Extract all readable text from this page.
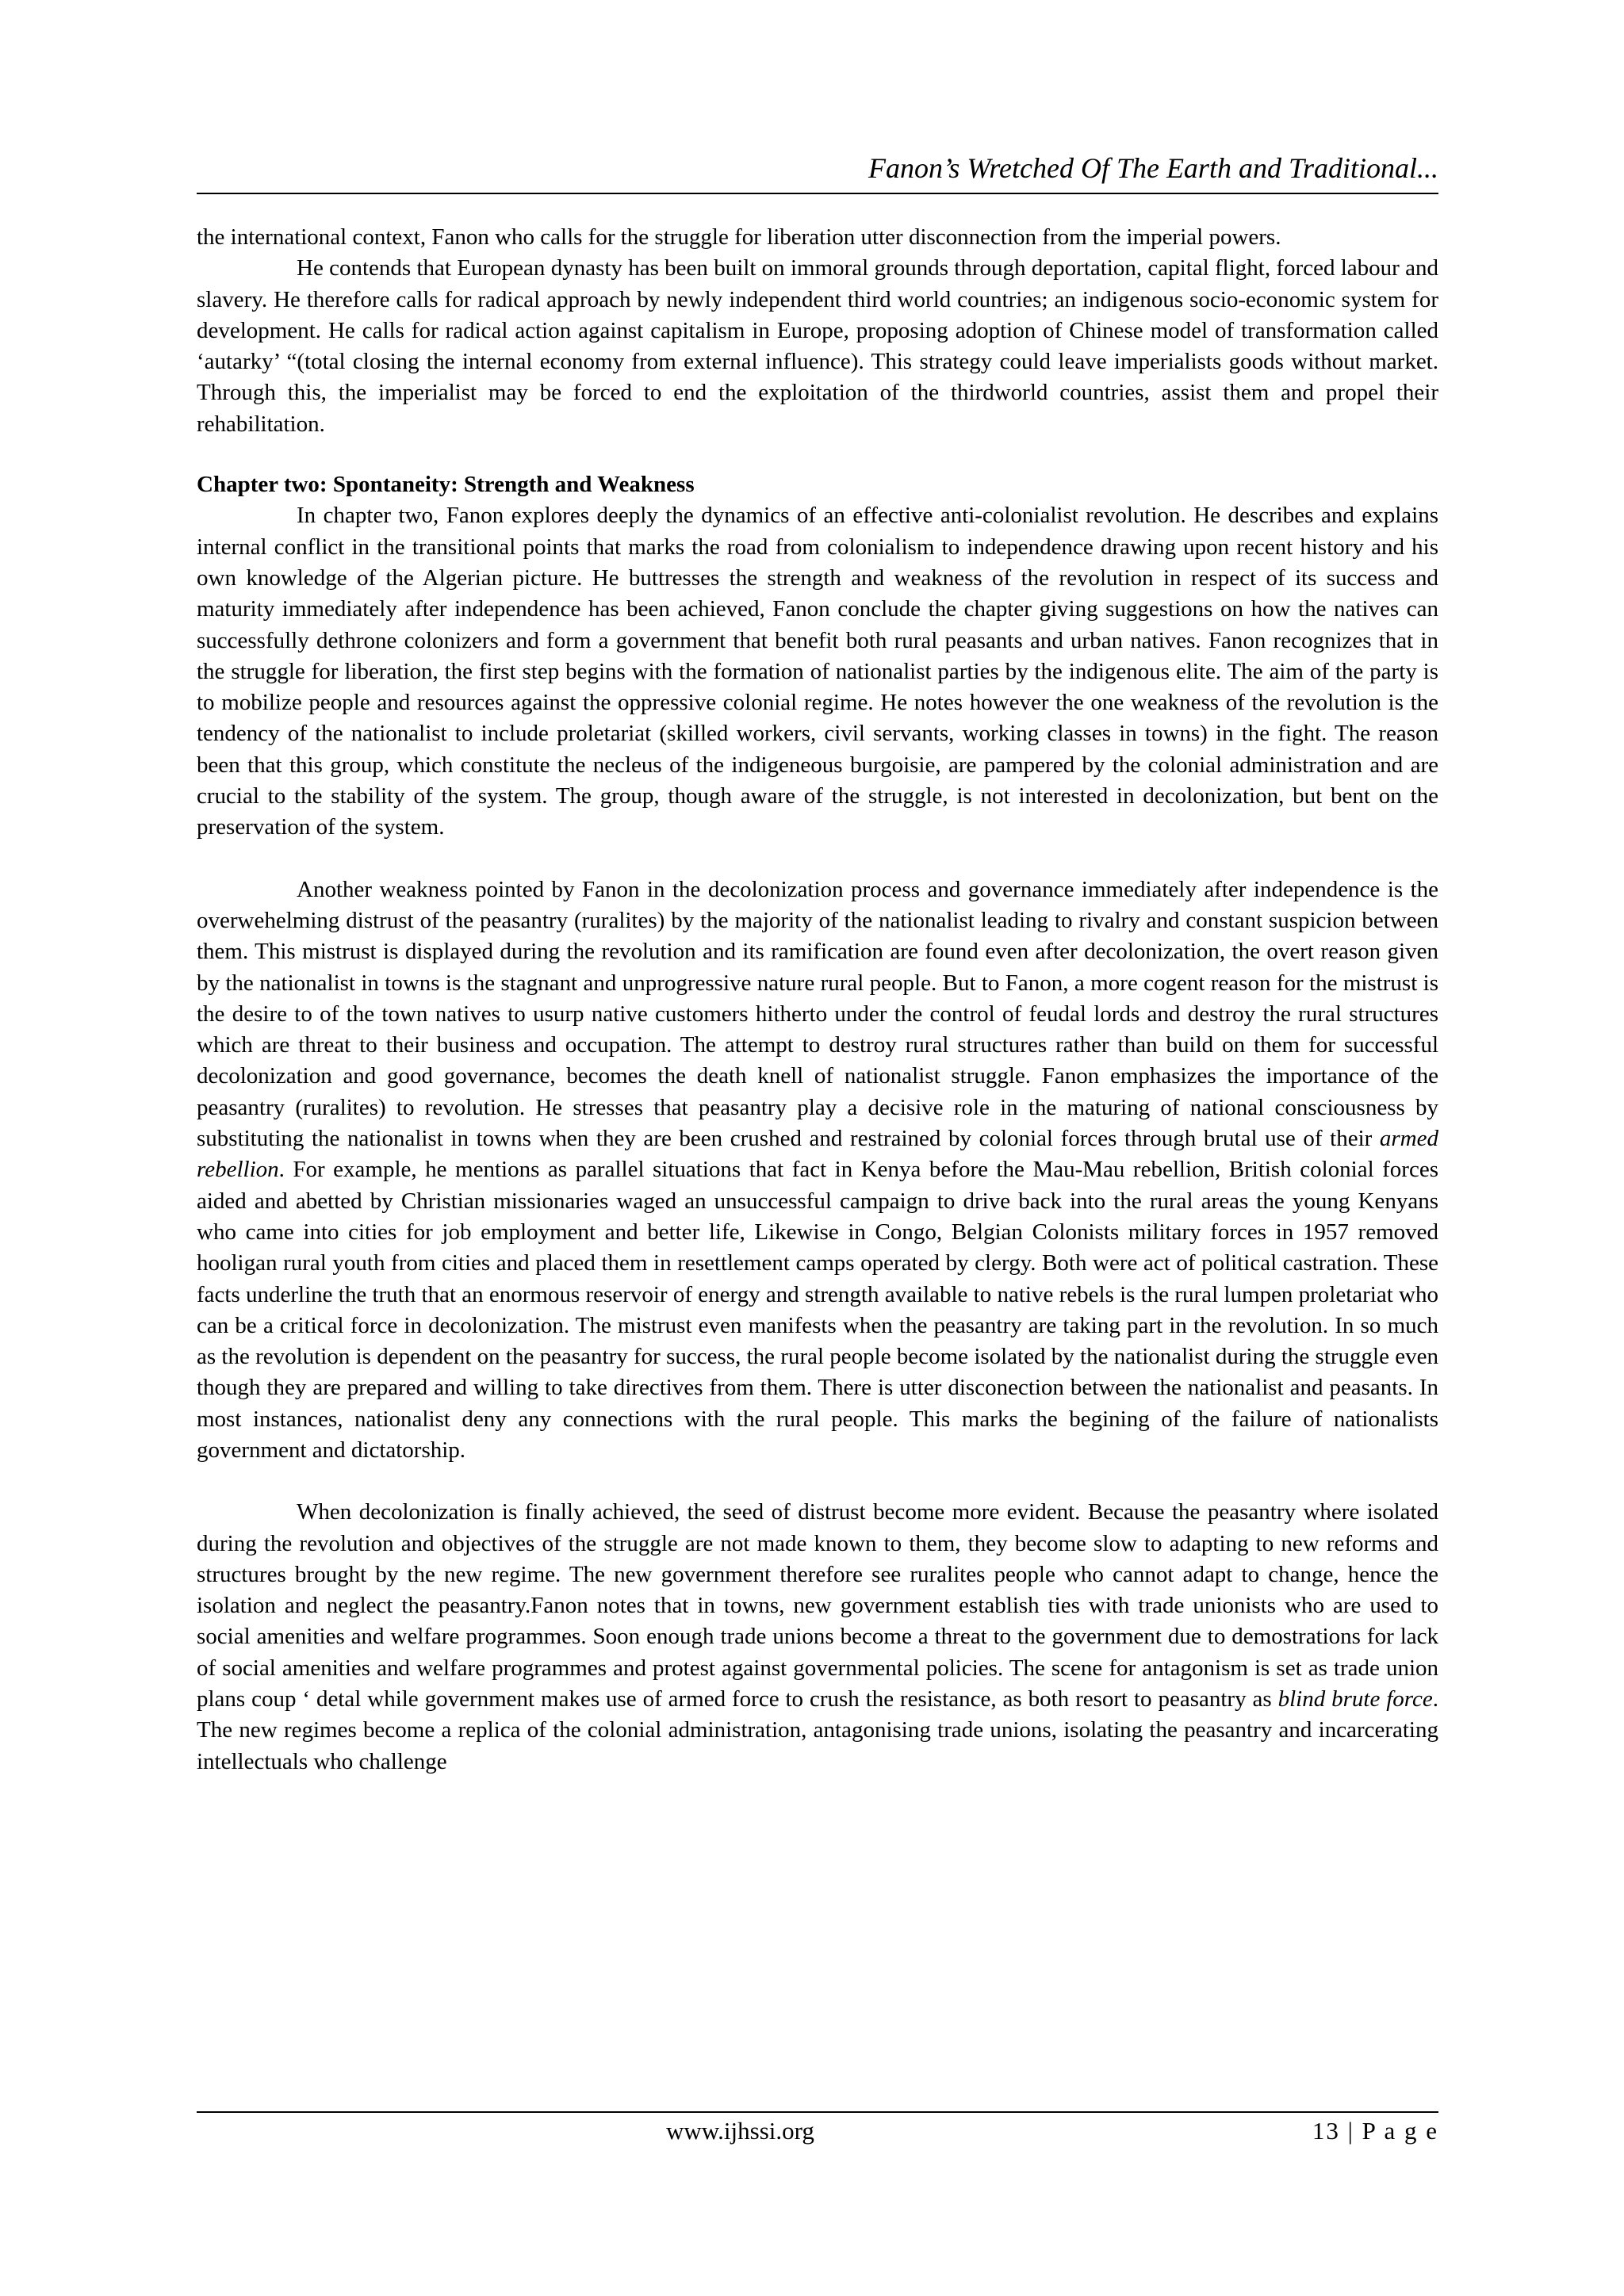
Fanon’s Wretched Of The Earth and Traditional...

the international context, Fanon who calls for the struggle for liberation utter disconnection from the imperial powers.

He contends that European dynasty has been built on immoral grounds through deportation, capital flight, forced labour and slavery. He therefore calls for radical approach by newly independent third world countries; an indigenous socio-economic system for development. He calls for radical action against capitalism in Europe, proposing adoption of Chinese model of transformation called ‘autarky’ “(total closing the internal economy from external influence). This strategy could leave imperialists goods without market. Through this, the imperialist may be forced to end the exploitation of the thirdworld countries, assist them and propel their rehabilitation.

Chapter two: Spontaneity: Strength and Weakness

In chapter two, Fanon explores deeply the dynamics of an effective anti-colonialist revolution. He describes and explains internal conflict in the transitional points that marks the road from colonialism to independence drawing upon recent history and his own knowledge of the Algerian picture. He buttresses the strength and weakness of the revolution in respect of its success and maturity immediately after independence has been achieved, Fanon conclude the chapter giving suggestions on how the natives can successfully dethrone colonizers and form a government that benefit both rural peasants and urban natives. Fanon recognizes that in the struggle for liberation, the first step begins with the formation of nationalist parties by the indigenous elite. The aim of the party is to mobilize people and resources against the oppressive colonial regime. He notes however the one weakness of the revolution is the tendency of the nationalist to include proletariat (skilled workers, civil servants, working classes in towns) in the fight. The reason been that this group, which constitute the necleus of the indigeneous burgoisie, are pampered by the colonial administration and are crucial to the stability of the system. The group, though aware of the struggle, is not interested in decolonization, but bent on the preservation of the system.

Another weakness pointed by Fanon in the decolonization process and governance immediately after independence is the overwehelming distrust of the peasantry (ruralites) by the majority of the nationalist leading to rivalry and constant suspicion between them. This mistrust is displayed during the revolution and its ramification are found even after decolonization, the overt reason given by the nationalist in towns is the stagnant and unprogressive nature rural people. But to Fanon, a more cogent reason for the mistrust is the desire to of the town natives to usurp native customers hitherto under the control of feudal lords and destroy the rural structures which are threat to their business and occupation. The attempt to destroy rural structures rather than build on them for successful decolonization and good governance, becomes the death knell of nationalist struggle. Fanon emphasizes the importance of the peasantry (ruralites) to revolution. He stresses that peasantry play a decisive role in the maturing of national consciousness by substituting the nationalist in towns when they are been crushed and restrained by colonial forces through brutal use of their armed rebellion. For example, he mentions as parallel situations that fact in Kenya before the Mau-Mau rebellion, British colonial forces aided and abetted by Christian missionaries waged an unsuccessful campaign to drive back into the rural areas the young Kenyans who came into cities for job employment and better life, Likewise in Congo, Belgian Colonists military forces in 1957 removed hooligan rural youth from cities and placed them in resettlement camps operated by clergy. Both were act of political castration. These facts underline the truth that an enormous reservoir of energy and strength available to native rebels is the rural lumpen proletariat who can be a critical force in decolonization. The mistrust even manifests when the peasantry are taking part in the revolution. In so much as the revolution is dependent on the peasantry for success, the rural people become isolated by the nationalist during the struggle even though they are prepared and willing to take directives from them. There is utter disconection between the nationalist and peasants. In most instances, nationalist deny any connections with the rural people. This marks the begining of the failure of nationalists government and dictatorship.

When decolonization is finally achieved, the seed of distrust become more evident. Because the peasantry where isolated during the revolution and objectives of the struggle are not made known to them, they become slow to adapting to new reforms and structures brought by the new regime. The new government therefore see ruralites people who cannot adapt to change, hence the isolation and neglect the peasantry.Fanon notes that in towns, new government establish ties with trade unionists who are used to social amenities and welfare programmes. Soon enough trade unions become a threat to the government due to demostrations for lack of social amenities and welfare programmes and protest against governmental policies. The scene for antagonism is set as trade union plans coup ‘ detal while government makes use of armed force to crush the resistance, as both resort to peasantry as blind brute force. The new regimes become a replica of the colonial administration, antagonising trade unions, isolating the peasantry and incarcerating intellectuals who challenge

www.ijhssi.org	13 | P a g e
